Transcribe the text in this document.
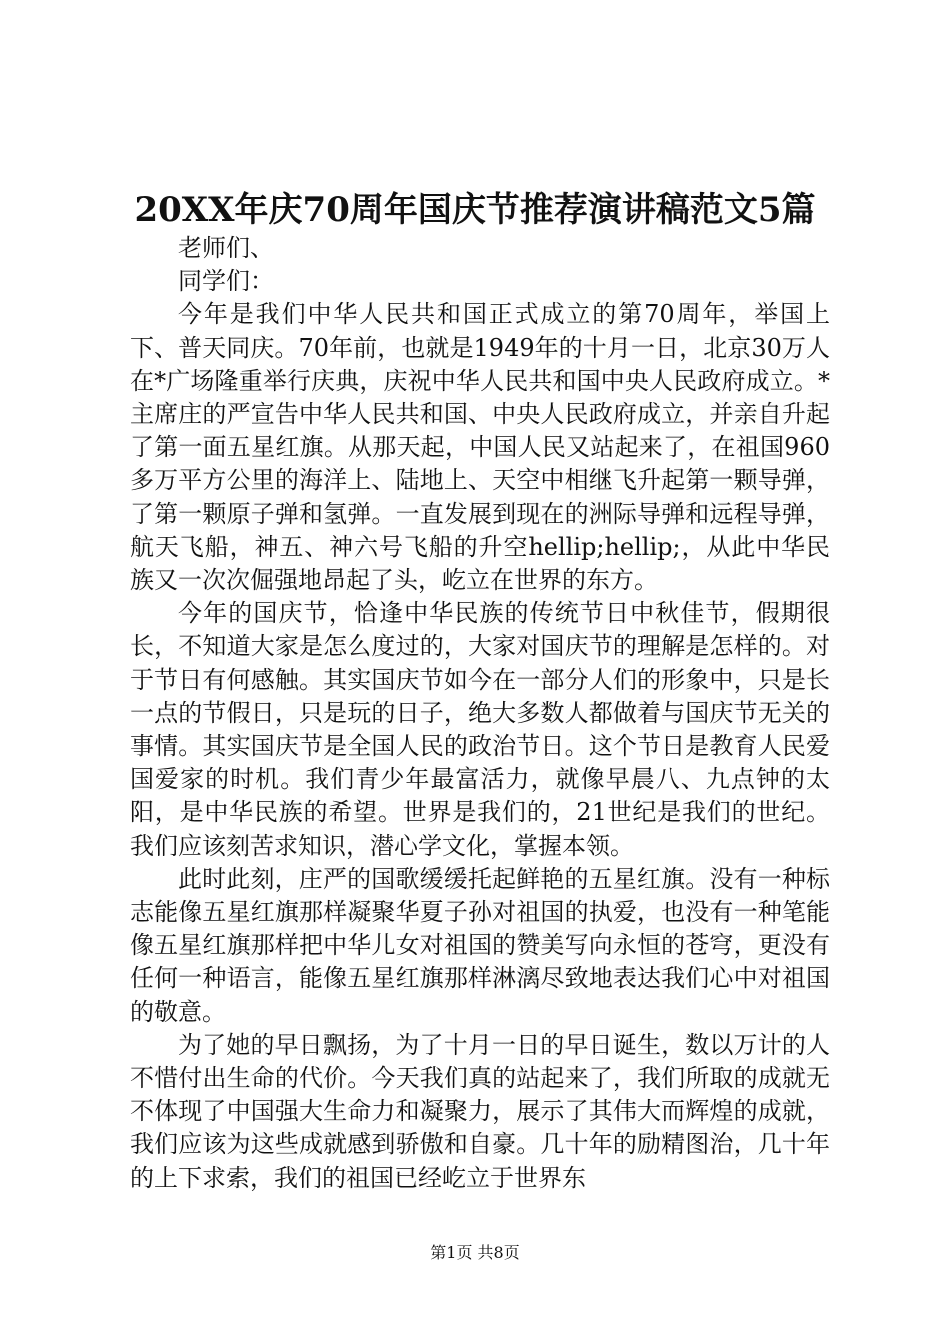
20XX年庆70周年国庆节推荐演讲稿范文5篇

老师们、

同学们：

今年是我们中华人民共和国正式成立的第70周年，举国上下、普天同庆。70年前，也就是1949年的十月一日，北京30万人在*广场隆重举行庆典，庆祝中华人民共和国中央人民政府成立。*主席庄的严宣告中华人民共和国、中央人民政府成立，并亲自升起了第一面五星红旗。从那天起，中国人民又站起来了，在祖国960多万平方公里的海洋上、陆地上、天空中相继飞升起第一颗导弹，了第一颗原子弹和氢弹。一直发展到现在的洲际导弹和远程导弹，航天飞船，神五、神六号飞船的升空hellip;hellip;，从此中华民族又一次次倔强地昂起了头，屹立在世界的东方。

今年的国庆节，恰逢中华民族的传统节日中秋佳节，假期很长，不知道大家是怎么度过的，大家对国庆节的理解是怎样的。对于节日有何感触。其实国庆节如今在一部分人们的形象中，只是长一点的节假日，只是玩的日子，绝大多数人都做着与国庆节无关的事情。其实国庆节是全国人民的政治节日。这个节日是教育人民爱国爱家的时机。我们青少年最富活力，就像早晨八、九点钟的太阳，是中华民族的希望。世界是我们的，21世纪是我们的世纪。我们应该刻苦求知识，潜心学文化，掌握本领。

此时此刻，庄严的国歌缓缓托起鲜艳的五星红旗。没有一种标志能像五星红旗那样凝聚华夏子孙对祖国的执爱，也没有一种笔能像五星红旗那样把中华儿女对祖国的赞美写向永恒的苍穹，更没有任何一种语言，能像五星红旗那样淋漓尽致地表达我们心中对祖国的敬意。

为了她的早日飘扬，为了十月一日的早日诞生，数以万计的人不惜付出生命的代价。今天我们真的站起来了，我们所取的成就无不体现了中国强大生命力和凝聚力，展示了其伟大而辉煌的成就，我们应该为这些成就感到骄傲和自豪。几十年的励精图治，几十年的上下求索，我们的祖国已经屹立于世界东

第1页 共8页
